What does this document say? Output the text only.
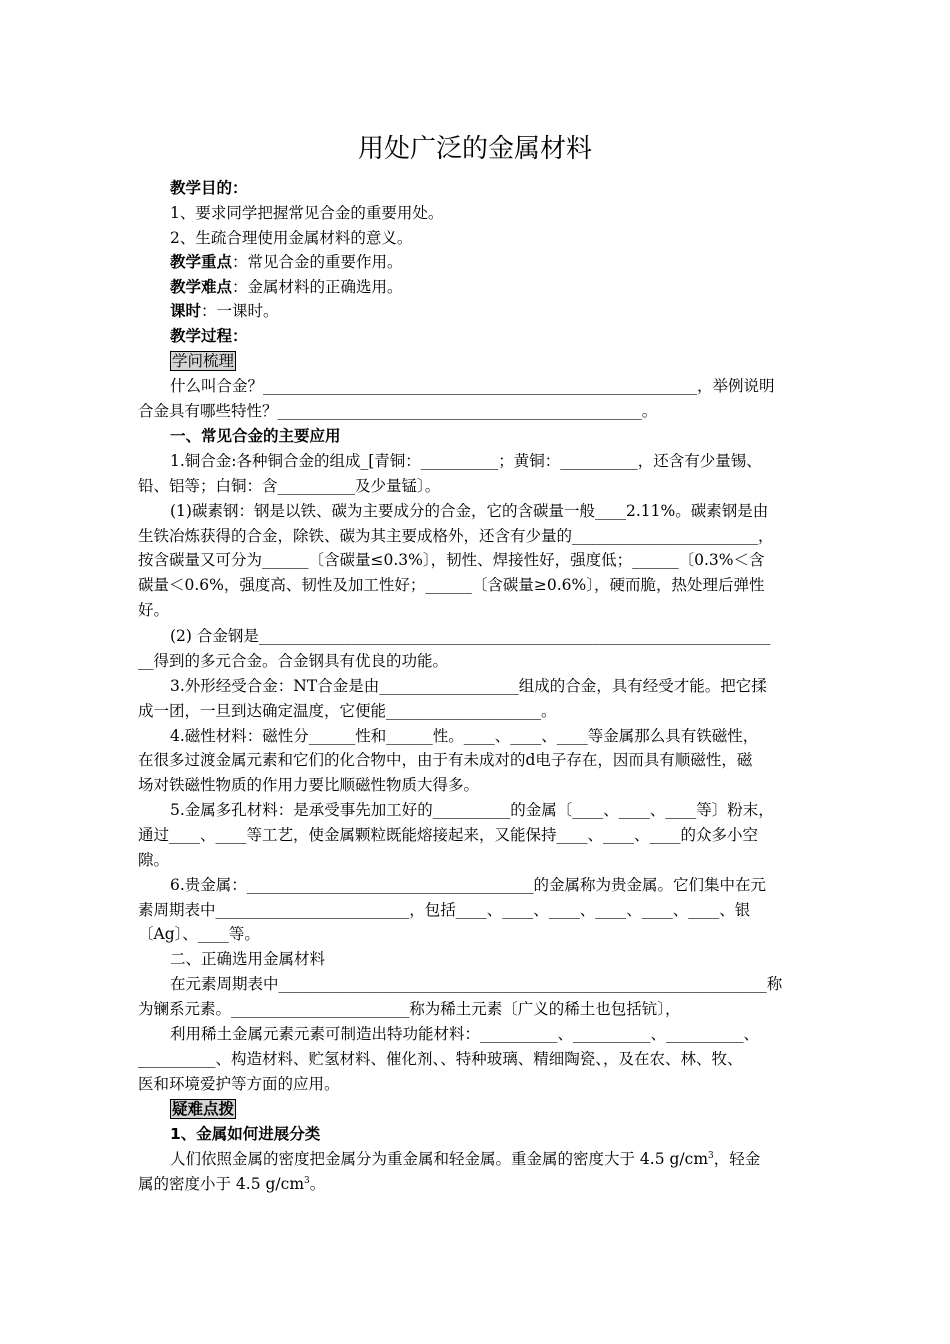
用处广泛的金属材料
教学目的：
1、要求同学把握常见合金的重要用处。
2、生疏合理使用金属材料的意义。
教学重点：常见合金的重要作用。
教学难点：金属材料的正确选用。
课时：一课时。
教学过程：
学问梳理
什么叫合金？________________________________________________________，举例说明
合金具有哪些特性？_______________________________________________。
一、常见合金的主要应用
1.铜合金:各种铜合金的组成_[青铜：__________；黄铜：__________，还含有少量锡、
铅、铝等；白铜：含__________及少量锰〕。
(1)碳素钢：钢是以铁、碳为主要成分的合金，它的含碳量一般____2.11%。碳素钢是由
生铁冶炼获得的合金，除铁、碳为其主要成格外，还含有少量的________________________，
按含碳量又可分为______〔含碳量≤0.3%〕，韧性、焊接性好，强度低；______〔0.3%＜含
碳量＜0.6%，强度高、韧性及加工性好；______〔含碳量≥0.6%〕，硬而脆，热处理后弹性
好。
(2) 合金钢是__________________________________________________________________
__得到的多元合金。合金钢具有优良的功能。
3.外形经受合金：NT合金是由__________________组成的合金，具有经受才能。把它揉
成一团，一旦到达确定温度，它便能____________________。
4.磁性材料：磁性分______性和______性。____、____、____等金属那么具有铁磁性，
在很多过渡金属元素和它们的化合物中，由于有未成对的d电子存在，因而具有顺磁性，磁
场对铁磁性物质的作用力要比顺磁性物质大得多。
5.金属多孔材料：是承受事先加工好的__________的金属〔____、____、____等〕粉末，
通过____、____等工艺，使金属颗粒既能熔接起来，又能保持____、____、____的众多小空
隙。
6.贵金属：_____________________________________的金属称为贵金属。它们集中在元
素周期表中_________________________，包括____、____、____、____、____、____、银
〔Ag〕、____等。
二、正确选用金属材料
在元素周期表中_______________________________________________________________称
为镧系元素。_______________________称为稀土元素〔广义的稀土也包括钪〕，
利用稀土金属元素元素可制造出特功能材料：__________、__________、__________、
__________、构造材料、贮氢材料、催化剂、、特种玻璃、精细陶瓷、，及在农、林、牧、
医和环境爱护等方面的应用。
疑难点拨
1、金属如何进展分类
人们依照金属的密度把金属分为重金属和轻金属。重金属的密度大于 4.5 $g/cm^3$，轻金
属的密度小于 4.5 $g/cm^3$。
